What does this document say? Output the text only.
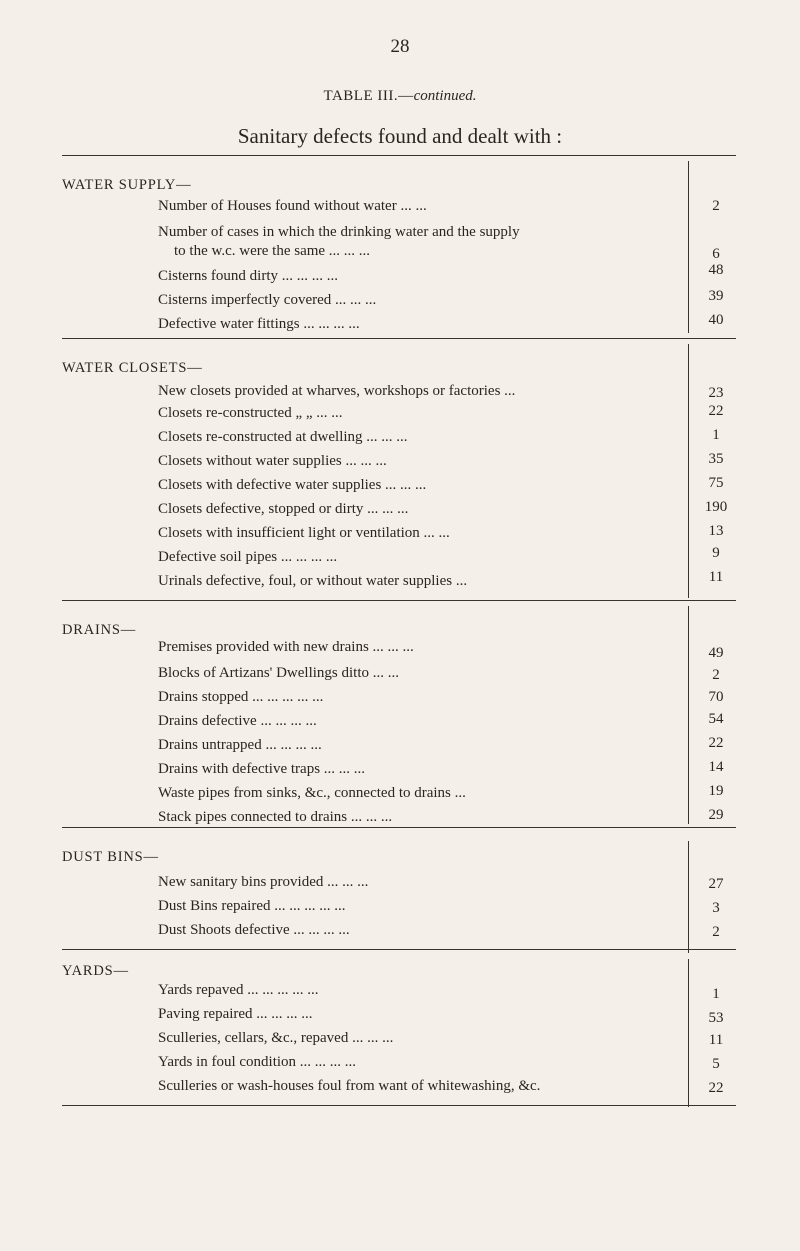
28
TABLE III.—continued.
Sanitary defects found and dealt with :
WATER SUPPLY—
Number of Houses found without water ... ...	2
Number of cases in which the drinking water and the supply
to the w.c. were the same ... ... ...	6
Cisterns found dirty ... ... ... ...	48
Cisterns imperfectly covered ... ... ...	39
Defective water fittings ... ... ... ...	40
WATER CLOSETS—
New closets provided at wharves, workshops or factories ...	23
Closets re-constructed „ „ ... ...	22
Closets re-constructed at dwelling ... ... ...	1
Closets without water supplies ... ... ...	35
Closets with defective water supplies ... ... ...	75
Closets defective, stopped or dirty ... ... ...	190
Closets with insufficient light or ventilation ... ...	13
Defective soil pipes ... ... ... ...	9
Urinals defective, foul, or without water supplies ...	11
DRAINS—
Premises provided with new drains ... ... ...	49
Blocks of Artizans' Dwellings ditto ... ...	2
Drains stopped ... ... ... ... ...	70
Drains defective ... ... ... ...	54
Drains untrapped ... ... ... ...	22
Drains with defective traps ... ... ...	14
Waste pipes from sinks, &c., connected to drains ...	19
Stack pipes connected to drains ... ... ...	29
DUST BINS—
New sanitary bins provided ... ... ...	27
Dust Bins repaired ... ... ... ... ...	3
Dust Shoots defective ... ... ... ...	2
YARDS—
Yards repaved ... ... ... ... ...	1
Paving repaired ... ... ... ...	53
Sculleries, cellars, &c., repaved ... ... ...	11
Yards in foul condition ... ... ... ...	5
Sculleries or wash-houses foul from want of whitewashing, &c.	22
